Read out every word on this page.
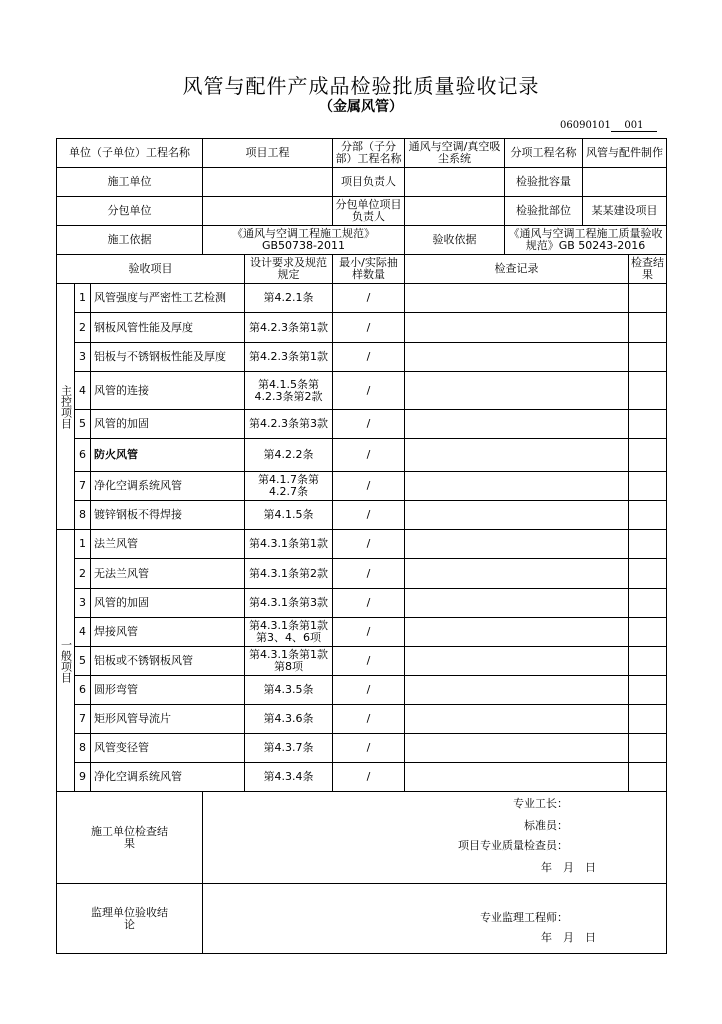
风管与配件产成品检验批质量验收记录
（金属风管）
06090101 001
单位（子单位）工程名称			项目工程		分部（子分部）工程名称	通风与空调/真空吸尘系统	分项工程名称	风管与配件制作	
施工单位					项目负责人		检验批容量		
分包单位					分包单位项目负责人		检验批部位	某某建设项目	
施工依据			《通风与空调工程施工规范》GB50738-2011			验收依据	《通风与空调工程施工质量验收规范》GB 50243-2016		
验收项目				设计要求及规范规定	最小/实际抽样数量	检查记录			检查结果
主控项目	1	风管强度与严密性工艺检测		第4.2.1条	/				
	2	钢板风管性能及厚度		第4.2.3条第1款	/				
	3	铝板与不锈钢板性能及厚度		第4.2.3条第1款	/				
	4	风管的连接		第4.1.5条第4.2.3条第2款	/				
	5	风管的加固		第4.2.3条第3款	/				
	6	防火风管		第4.2.2条	/				
	7	净化空调系统风管		第4.1.7条第4.2.7条	/				
	8	镀锌钢板不得焊接		第4.1.5条	/				
一般项目	1	法兰风管		第4.3.1条第1款	/				
	2	无法兰风管		第4.3.1条第2款	/				
	3	风管的加固		第4.3.1条第3款	/				
	4	焊接风管		第4.3.1条第1款第3、4、6项	/				
	5	铝板或不锈钢板风管		第4.3.1条第1款第8项	/				
	6	圆形弯管		第4.3.5条	/				
	7	矩形风管导流片		第4.3.6条	/				
	8	风管变径管		第4.3.7条	/				
	9	净化空调系统风管		第4.3.4条	/				
施工单位检查结果			专业工长：
标准员：
项目专业质量检查员：
年　月　日						

监理单位验收结论			专业监理工程师：
年　月　日						
